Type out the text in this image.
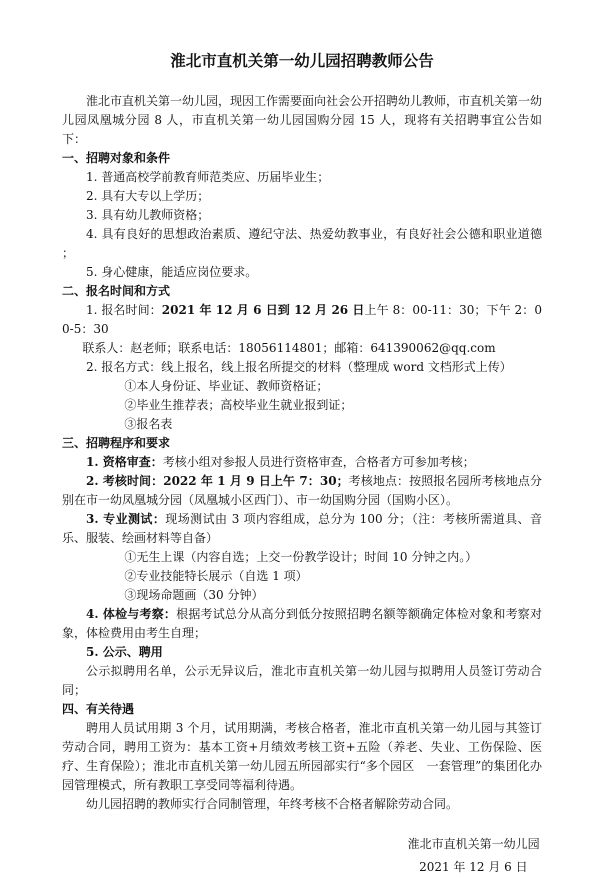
淮北市直机关第一幼儿园招聘教师公告

淮北市直机关第一幼儿园，现因工作需要面向社会公开招聘幼儿教师，市直机关第一幼儿园凤凰城分园 8 人，市直机关第一幼儿园国购分园 15 人，现将有关招聘事宜公告如下：

一、招聘对象和条件

1. 普通高校学前教育师范类应、历届毕业生；

2. 具有大专以上学历；

3. 具有幼儿教师资格；

4. 具有良好的思想政治素质、遵纪守法、热爱幼教事业，有良好社会公德和职业道德 ；

5. 身心健康，能适应岗位要求。

二、报名时间和方式

1. 报名时间：2021 年 12 月 6 日到 12 月 26 日上午 8：00-11：30；下午 2：00-5：30

联系人：赵老师；联系电话：18056114801；邮箱：641390062@qq.com

2. 报名方式：线上报名，线上报名所提交的材料（整理成 word 文档形式上传）

①本人身份证、毕业证、教师资格证；

②毕业生推荐表；高校毕业生就业报到证；

③报名表

三、招聘程序和要求

1. 资格审查：考核小组对参报人员进行资格审查，合格者方可参加考核；

2. 考核时间：2022 年 1 月 9 日上午 7：30；考核地点：按照报名园所考核地点分别在市一幼凤凰城分园（凤凰城小区西门）、市一幼国购分园（国购小区）。

3. 专业测试：现场测试由 3 项内容组成，总分为 100 分；（注：考核所需道具、音乐、服装、绘画材料等自备）

①无生上课（内容自选；上交一份教学设计；时间 10 分钟之内。）

②专业技能特长展示（自选 1 项）

③现场命题画（30 分钟）

4. 体检与考察：根据考试总分从高分到低分按照招聘名额等额确定体检对象和考察对象，体检费用由考生自理；

5. 公示、聘用

公示拟聘用名单，公示无异议后，淮北市直机关第一幼儿园与拟聘用人员签订劳动合同；

四、有关待遇

聘用人员试用期 3 个月，试用期满，考核合格者，淮北市直机关第一幼儿园与其签订劳动合同，聘用工资为：基本工资+月绩效考核工资+五险（养老、失业、工伤保险、医疗、生育保险）；淮北市直机关第一幼儿园五所园部实行“多个园区　一套管理”的集团化办园管理模式，所有教职工享受同等福利待遇。

幼儿园招聘的教师实行合同制管理，年终考核不合格者解除劳动合同。

淮北市直机关第一幼儿园

2021 年 12 月 6 日
